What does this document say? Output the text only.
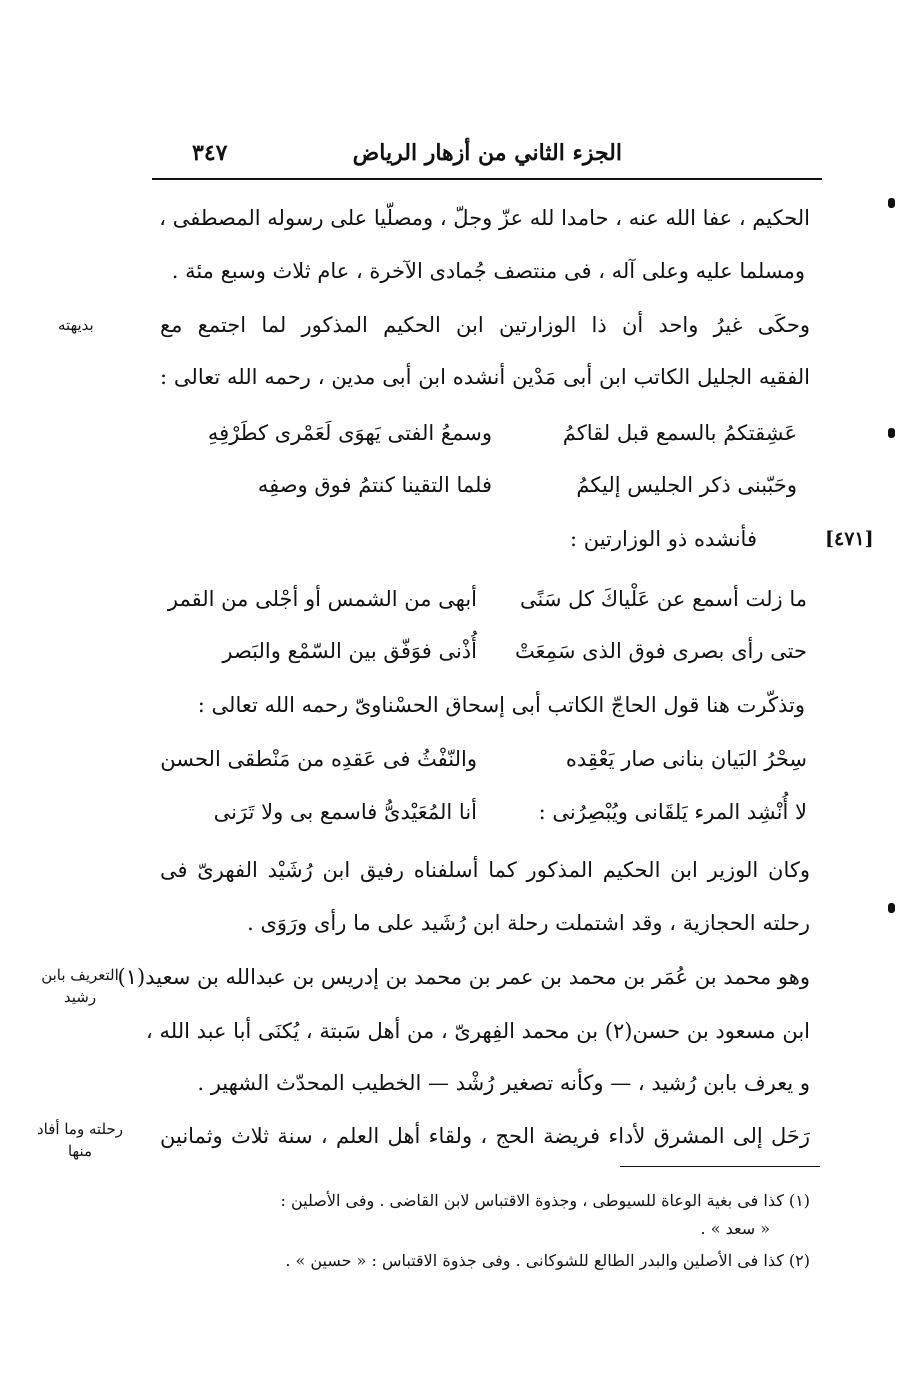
الجزء الثاني من أزهار الرياض
٣٤٧
الحكيم ، عفا الله عنه ، حامدا لله عزّ وجلّ ، ومصلّيا على رسوله المصطفى ،
ومسلما عليه وعلى آله ، فى منتصف جُمادى الآخرة ، عام ثلاث وسبع مئة .
وحكَى غيرُ واحد أن ذا الوزارتين ابن الحكيم المذكور لما اجتمع مع
الفقيه الجليل الكاتب ابن أبى مَدْين أنشده ابن أبى مدين ، رحمه الله تعالى :
بديهته
عَشِقتكمُ بالسمع قبل لقاكمُ
وسمعُ الفتى يَهوَى لَعَمْرى كطَرْفِهِ
وحَبّبنى ذكر الجليس إليكمُ
فلما التقينا كنتمُ فوق وصفِه
فأنشده ذو الوزارتين :	[٤٧١]
ما زلت أسمع عن عَلْياكَ كل سَنًى
أبهى من الشمس أو أجْلى من القمر
حتى رأى بصرى فوق الذى سَمِعَتْ
أُذْنى فوَفّق بين السّمْع والبَصر
وتذكّرت هنا قول الحاجّ الكاتب أبى إسحاق الحسْناوىّ رحمه الله تعالى :
سِحْرُ البَيان بنانى صار يَعْقِده
والنّفْثُ فى عَقدِه من مَنْطقى الحسن
لا أُنْشِد المرء يَلقَانى ويُبْصِرُنى :
أنا المُعَيْدىُّ فاسمع بى ولا تَرَنى
وكان الوزير ابن الحكيم المذكور كما أسلفناه رفيق ابن رُشَيْد الفهرىّ فى
رحلته الحجازية ، وقد اشتملت رحلة ابن رُشَيد على ما رأى ورَوَى .
وهو محمد بن عُمَر بن محمد بن عمر بن محمد بن إدريس بن عبدالله بن سعيد(١)
ابن مسعود بن حسن(٢) بن محمد الفِهرىّ ، من أهل سَبتة ، يُكنَى أبا عبد الله ،
و يعرف بابن رُشيد ، — وكأنه تصغير رُشْد — الخطيب المحدّث الشهير .
رَحَل إلى المشرق لأداء فريضة الحج ، ولقاء أهل العلم ، سنة ثلاث وثمانين
التعريف بابن رشيد
رحلته وما أفاد منها
(١) كذا فى بغية الوعاة للسيوطى ، وجذوة الاقتباس لابن القاضى . وفى الأصلين :
« سعد » .
(٢) كذا فى الأصلين والبدر الطالع للشوكانى . وفى جذوة الاقتباس : « حسين » .
